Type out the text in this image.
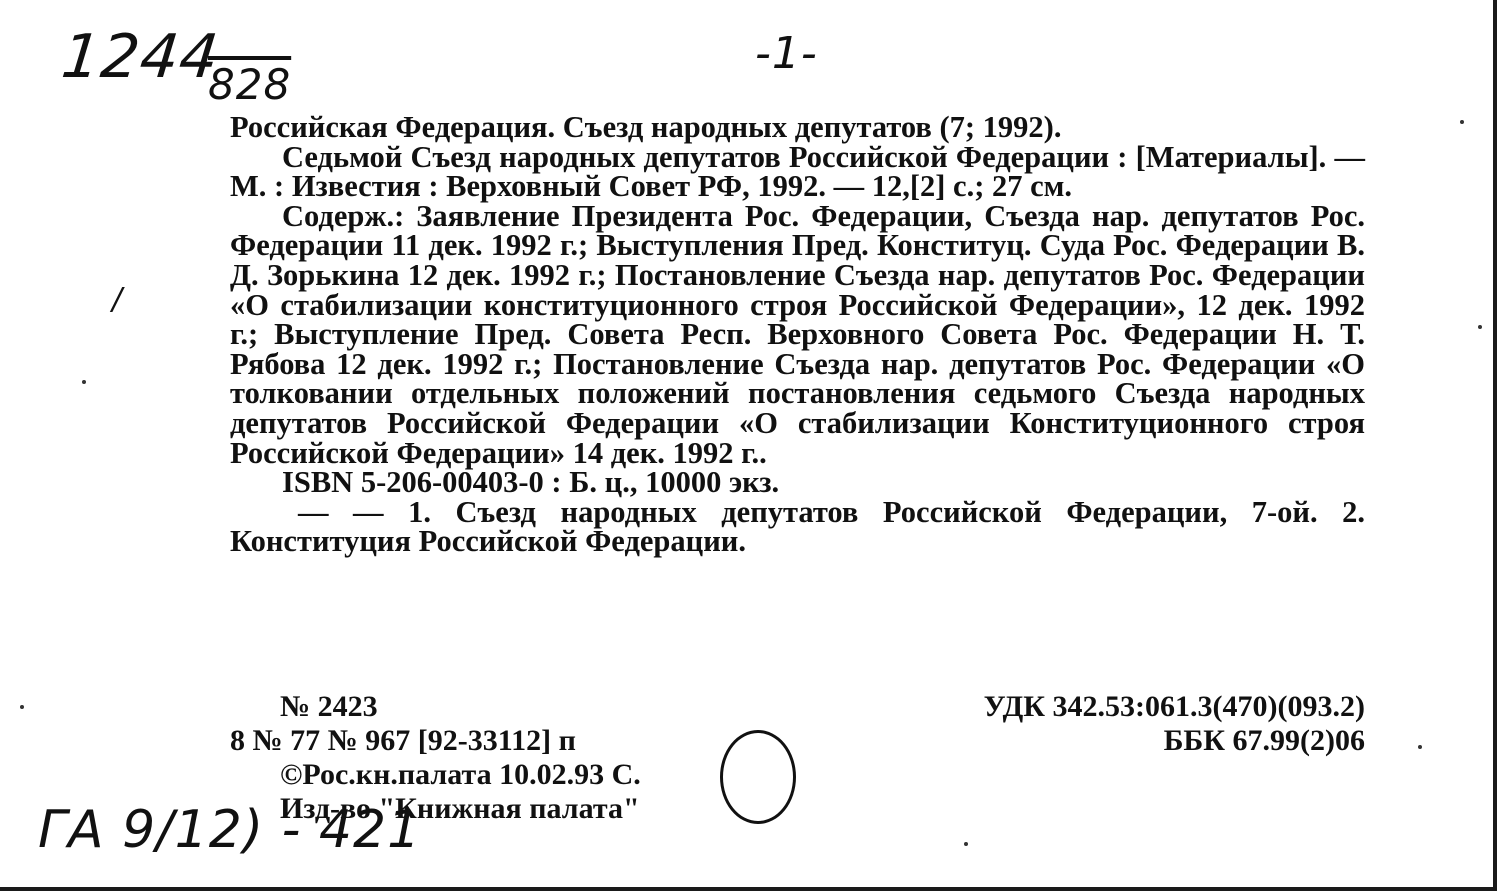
1244
828
-1-
ГА 9/12) - 421
/

Российская Федерация. Съезд народных депутатов (7; 1992).

Седьмой Съезд народных депутатов Российской Федерации : [Материалы]. — М. : Известия : Верховный Совет РФ, 1992. — 12,[2] с.; 27 см.

Содерж.: Заявление Президента Рос. Федерации, Съезда нар. депутатов Рос. Федерации 11 дек. 1992 г.; Выступления Пред. Конституц. Суда Рос. Федерации В. Д. Зорькина 12 дек. 1992 г.; Постановление Съезда нар. депутатов Рос. Федерации «О стабилизации конституционного строя Российской Федерации», 12 дек. 1992 г.; Выступление Пред. Совета Респ. Верховного Совета Рос. Федерации Н. Т. Рябова 12 дек. 1992 г.; Постановление Съезда нар. депутатов Рос. Федерации «О толковании отдельных положений постановления седьмого Съезда народных депутатов Российской Федерации «О стабилизации Конституционного строя Российской Федерации» 14 дек. 1992 г..

ISBN 5-206-00403-0 : Б. ц., 10000 экз.

— — 1. Съезд народных депутатов Российской Федерации, 7-ой. 2. Конституция Российской Федерации.

№ 2423
8 № 77 № 967 [92-33112] п
©Рос.кн.палата 10.02.93 С.
Изд-во "Книжная палата"
УДК 342.53:061.3(470)(093.2)
ББК 67.99(2)06
